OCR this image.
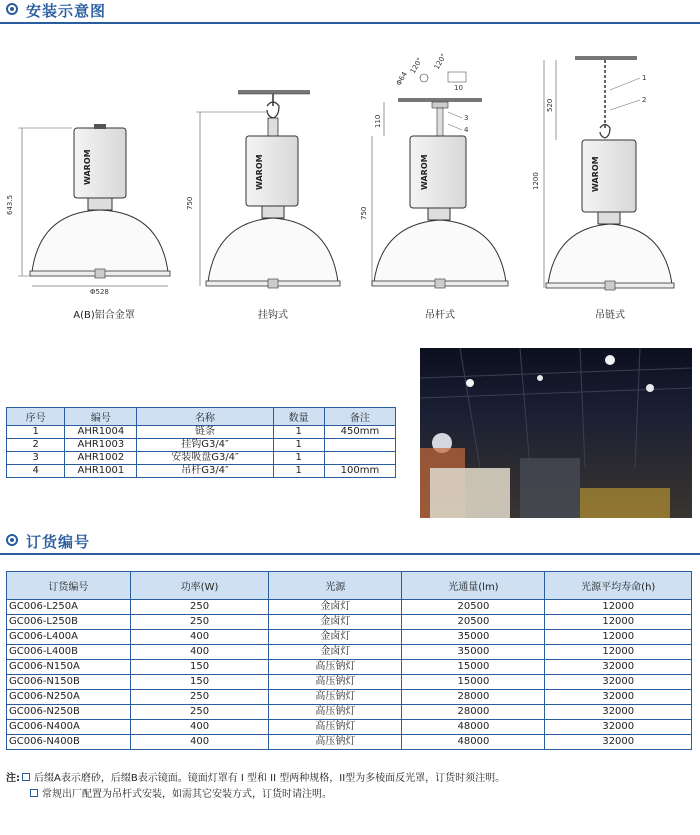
安装示意图
WAROM
643.5
Φ528
WAROM
750
WAROM
110
750
Φ64
120° 120°
10
3
4
WAROM
520
1200
1
2
A(B)铝合金罩	挂钩式	吊杆式	吊链式
序号	编号	名称	数量	备注
1	AHR1004	链条	1	450mm
2	AHR1003	挂钩G3/4″	1	
3	AHR1002	安装吸盘G3/4″	1	
4	AHR1001	吊杆G3/4″	1	100mm
订货编号
订货编号	功率(W)	光源	光通量(lm)	光源平均寿命(h)
GC006-L250A	250	金卤灯	20500	12000
GC006-L250B	250	金卤灯	20500	12000
GC006-L400A	400	金卤灯	35000	12000
GC006-L400B	400	金卤灯	35000	12000
GC006-N150A	150	高压钠灯	15000	32000
GC006-N150B	150	高压钠灯	15000	32000
GC006-N250A	250	高压钠灯	28000	32000
GC006-N250B	250	高压钠灯	28000	32000
GC006-N400A	400	高压钠灯	48000	32000
GC006-N400B	400	高压钠灯	48000	32000
注: 后缀A表示磨砂，后缀B表示镜面。镜面灯罩有 I 型和 II 型两种规格，II型为多棱面反光罩，订货时须注明。
常规出厂配置为吊杆式安装，如需其它安装方式，订货时请注明。
